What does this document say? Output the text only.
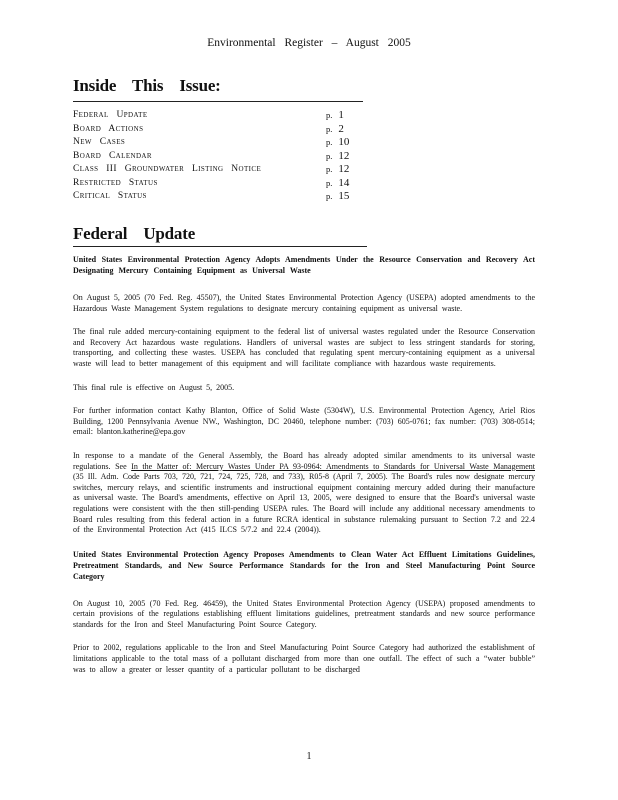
Environmental Register – August 2005
Inside This Issue:
Federal Update	p. 1
Board Actions	p. 2
New Cases	p. 10
Board Calendar	p. 12
Class III Groundwater Listing Notice	p. 12
Restricted Status	p. 14
Critical Status	p. 15
Federal Update

United States Environmental Protection Agency Adopts Amendments Under the Resource Conservation and Recovery Act Designating Mercury Containing Equipment as Universal Waste

On August 5, 2005 (70 Fed. Reg. 45507), the United States Environmental Protection Agency (USEPA) adopted amendments to the Hazardous Waste Management System regulations to designate mercury containing equipment as universal waste.

The final rule added mercury-containing equipment to the federal list of universal wastes regulated under the Resource Conservation and Recovery Act hazardous waste regulations. Handlers of universal wastes are subject to less stringent standards for storing, transporting, and collecting these wastes. USEPA has concluded that regulating spent mercury-containing equipment as a universal waste will lead to better management of this equipment and will facilitate compliance with hazardous waste requirements.

This final rule is effective on August 5, 2005.

For further information contact Kathy Blanton, Office of Solid Waste (5304W), U.S. Environmental Protection Agency, Ariel Rios Building, 1200 Pennsylvania Avenue NW., Washington, DC 20460, telephone number: (703) 605-0761; fax number: (703) 308-0514; email: blanton.katherine@epa.gov

In response to a mandate of the General Assembly, the Board has already adopted similar amendments to its universal waste regulations. See In the Matter of: Mercury Wastes Under PA 93-0964: Amendments to Standards for Universal Waste Management (35 Ill. Adm. Code Parts 703, 720, 721, 724, 725, 728, and 733), R05-8 (April 7, 2005). The Board's rules now designate mercury switches, mercury relays, and scientific instruments and instructional equipment containing mercury added during their manufacture as universal waste. The Board's amendments, effective on April 13, 2005, were designed to ensure that the Board's universal waste regulations were consistent with the then still-pending USEPA rules. The Board will include any additional necessary amendments to Board rules resulting from this federal action in a future RCRA identical in substance rulemaking pursuant to Section 7.2 and 22.4 of the Environmental Protection Act (415 ILCS 5/7.2 and 22.4 (2004)).

United States Environmental Protection Agency Proposes Amendments to Clean Water Act Effluent Limitations Guidelines, Pretreatment Standards, and New Source Performance Standards for the Iron and Steel Manufacturing Point Source Category

On August 10, 2005 (70 Fed. Reg. 46459), the United States Environmental Protection Agency (USEPA) proposed amendments to certain provisions of the regulations establishing effluent limitations guidelines, pretreatment standards and new source performance standards for the Iron and Steel Manufacturing Point Source Category.

Prior to 2002, regulations applicable to the Iron and Steel Manufacturing Point Source Category had authorized the establishment of limitations applicable to the total mass of a pollutant discharged from more than one outfall. The effect of such a “water bubble” was to allow a greater or lesser quantity of a particular pollutant to be discharged

1
